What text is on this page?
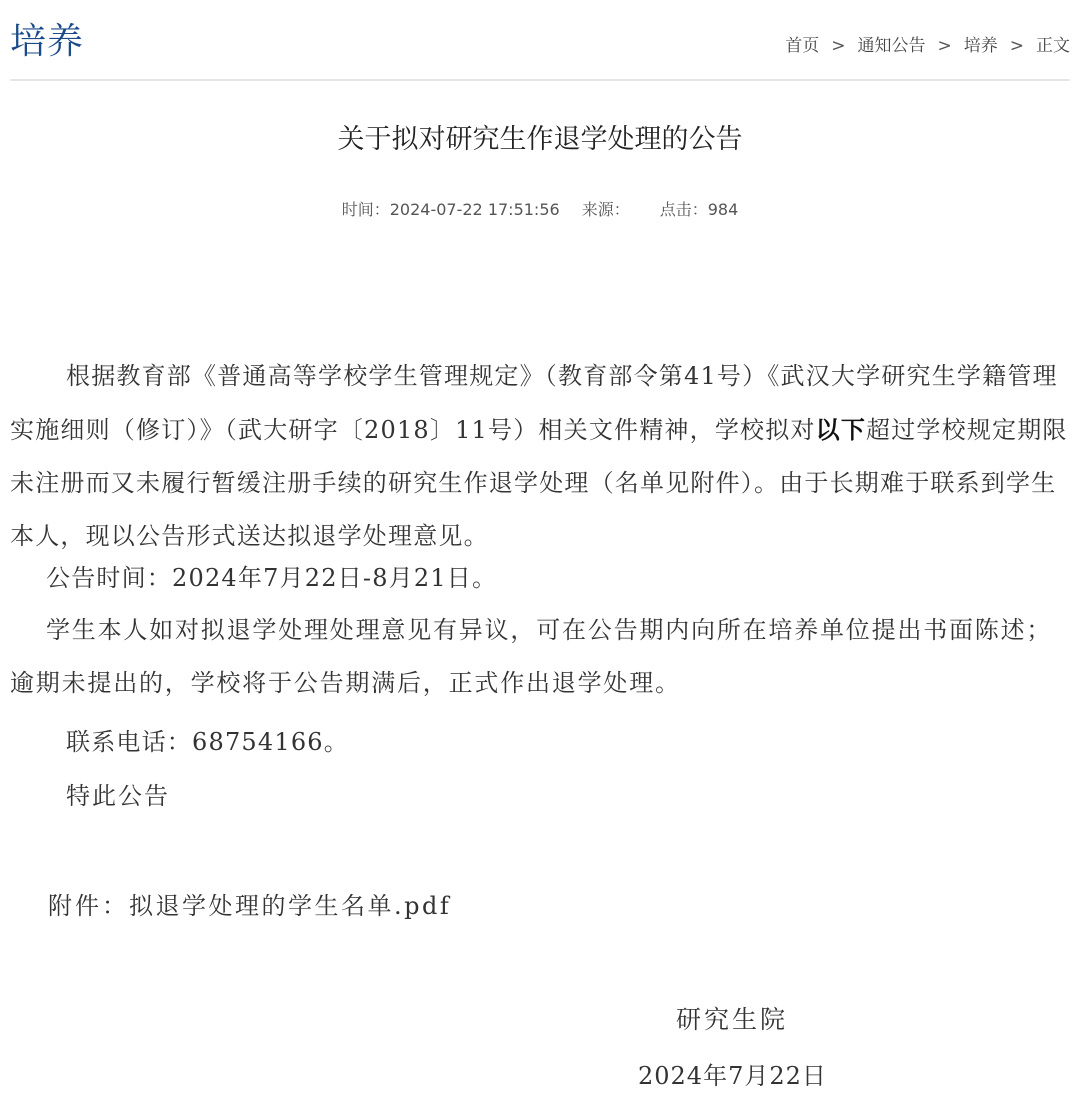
培养	首页 > 通知公告 > 培养 > 正文
关于拟对研究生作退学处理的公告
时间：2024-07-22 17:51:56 来源： 点击：984

根据教育部《普通高等学校学生管理规定》（教育部令第41号）《武汉大学研究生学籍管理实施细则（修订）》（武大研字〔2018〕11号）相关文件精神，学校拟对以下超过学校规定期限未注册而又未履行暂缓注册手续的研究生作退学处理（名单见附件）。由于长期难于联系到学生本人，现以公告形式送达拟退学处理意见。

公告时间：2024年7月22日-8月21日。

学生本人如对拟退学处理处理意见有异议，可在公告期内向所在培养单位提出书面陈述；逾期未提出的，学校将于公告期满后，正式作出退学处理。

联系电话：68754166。

特此公告

附件：拟退学处理的学生名单.pdf
研究生院
2024年7月22日
